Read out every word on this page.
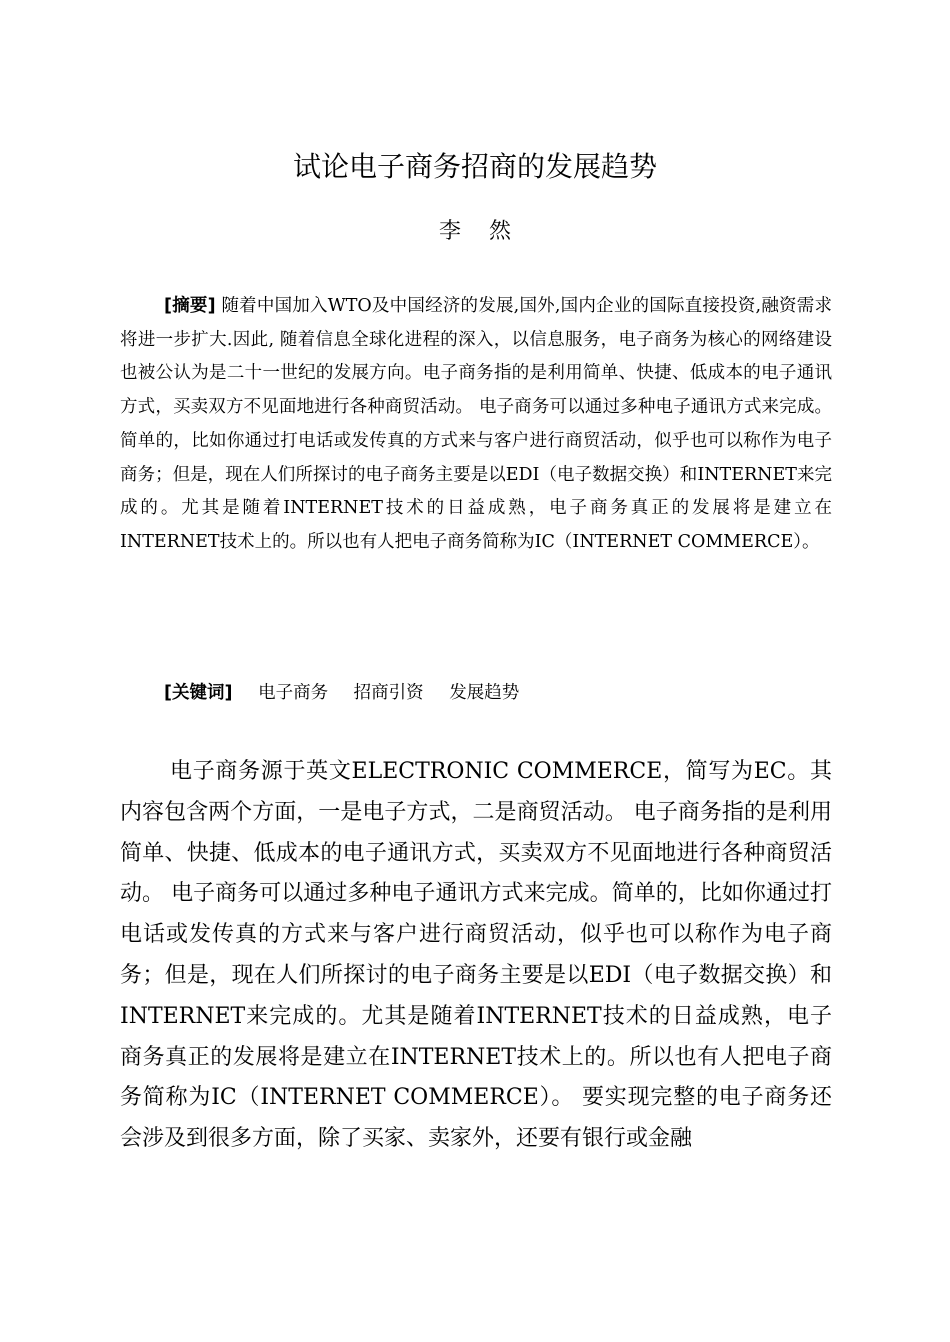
试论电子商务招商的发展趋势
李然

[摘要] 随着中国加入WTO及中国经济的发展,国外,国内企业的国际直接投资,融资需求将进一步扩大.因此, 随着信息全球化进程的深入，以信息服务，电子商务为核心的网络建设也被公认为是二十一世纪的发展方向。电子商务指的是利用简单、快捷、低成本的电子通讯方式，买卖双方不见面地进行各种商贸活动。 电子商务可以通过多种电子通讯方式来完成。简单的，比如你通过打电话或发传真的方式来与客户进行商贸活动，似乎也可以称作为电子商务；但是，现在人们所探讨的电子商务主要是以EDI（电子数据交换）和INTERNET来完成的。尤其是随着INTERNET技术的日益成熟，电子商务真正的发展将是建立在INTERNET技术上的。所以也有人把电子商务简称为IC（INTERNET COMMERCE）。

[关键词] 电子商务 招商引资 发展趋势

电子商务源于英文ELECTRONIC COMMERCE，简写为EC。其内容包含两个方面，一是电子方式，二是商贸活动。 电子商务指的是利用简单、快捷、低成本的电子通讯方式，买卖双方不见面地进行各种商贸活动。 电子商务可以通过多种电子通讯方式来完成。简单的，比如你通过打电话或发传真的方式来与客户进行商贸活动，似乎也可以称作为电子商务；但是，现在人们所探讨的电子商务主要是以EDI（电子数据交换）和INTERNET来完成的。尤其是随着INTERNET技术的日益成熟，电子商务真正的发展将是建立在INTERNET技术上的。所以也有人把电子商务简称为IC（INTERNET COMMERCE）。 要实现完整的电子商务还会涉及到很多方面，除了买家、卖家外，还要有银行或金融
